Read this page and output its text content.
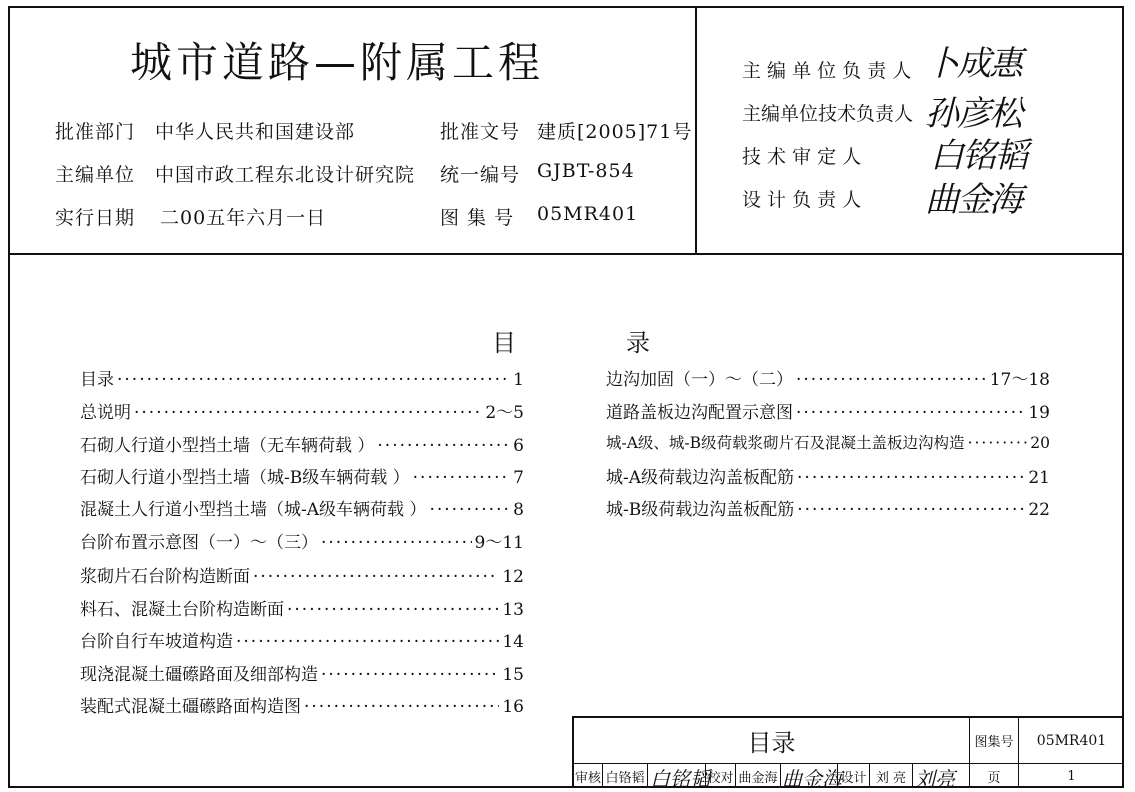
城市道路—附属工程
批准部门 中华人民共和国建设部	批准文号 建质[2005]71号
主编单位 中国市政工程东北设计研究院 统一编号 GJBT-854
实行日期 二00五年六月一日	图 集 号 05MR401
主 编 单 位 负 责 人 卜成惠
主编单位技术负责人 孙彦松
技 术 审 定 人 白铭韬
设 计 负 责 人 曲金海
目	录
目录 ·····	1
总说明 ·····	2～5
石砌人行道小型挡土墙（无车辆荷载 ） ·····	6
石砌人行道小型挡土墙（城-B级车辆荷载 ） ·····	7
混凝土人行道小型挡土墙（城-A级车辆荷载 ） ·····	8
台阶布置示意图（一）～（三） ·····	9～11
浆砌片石台阶构造断面 ·····	12
料石、混凝土台阶构造断面 ·····	13
台阶自行车坡道构造 ·····	14
现浇混凝土礓礤路面及细部构造 ·····	15
装配式混凝土礓礤路面构造图 ·····	16
边沟加固（一）～（二） ·····	17～18
道路盖板边沟配置示意图 ·····	19
城-A级、城-B级荷载浆砌片石及混凝土盖板边沟构造 ·····	20
城-A级荷载边沟盖板配筋 ·····	21
城-B级荷载边沟盖板配筋 ·····	22
目录	图集号	05MR401
审核 白铬韬 白铭韬
校对 曲金海 曲金海
设计 刘 亮 刘亮	页	1
